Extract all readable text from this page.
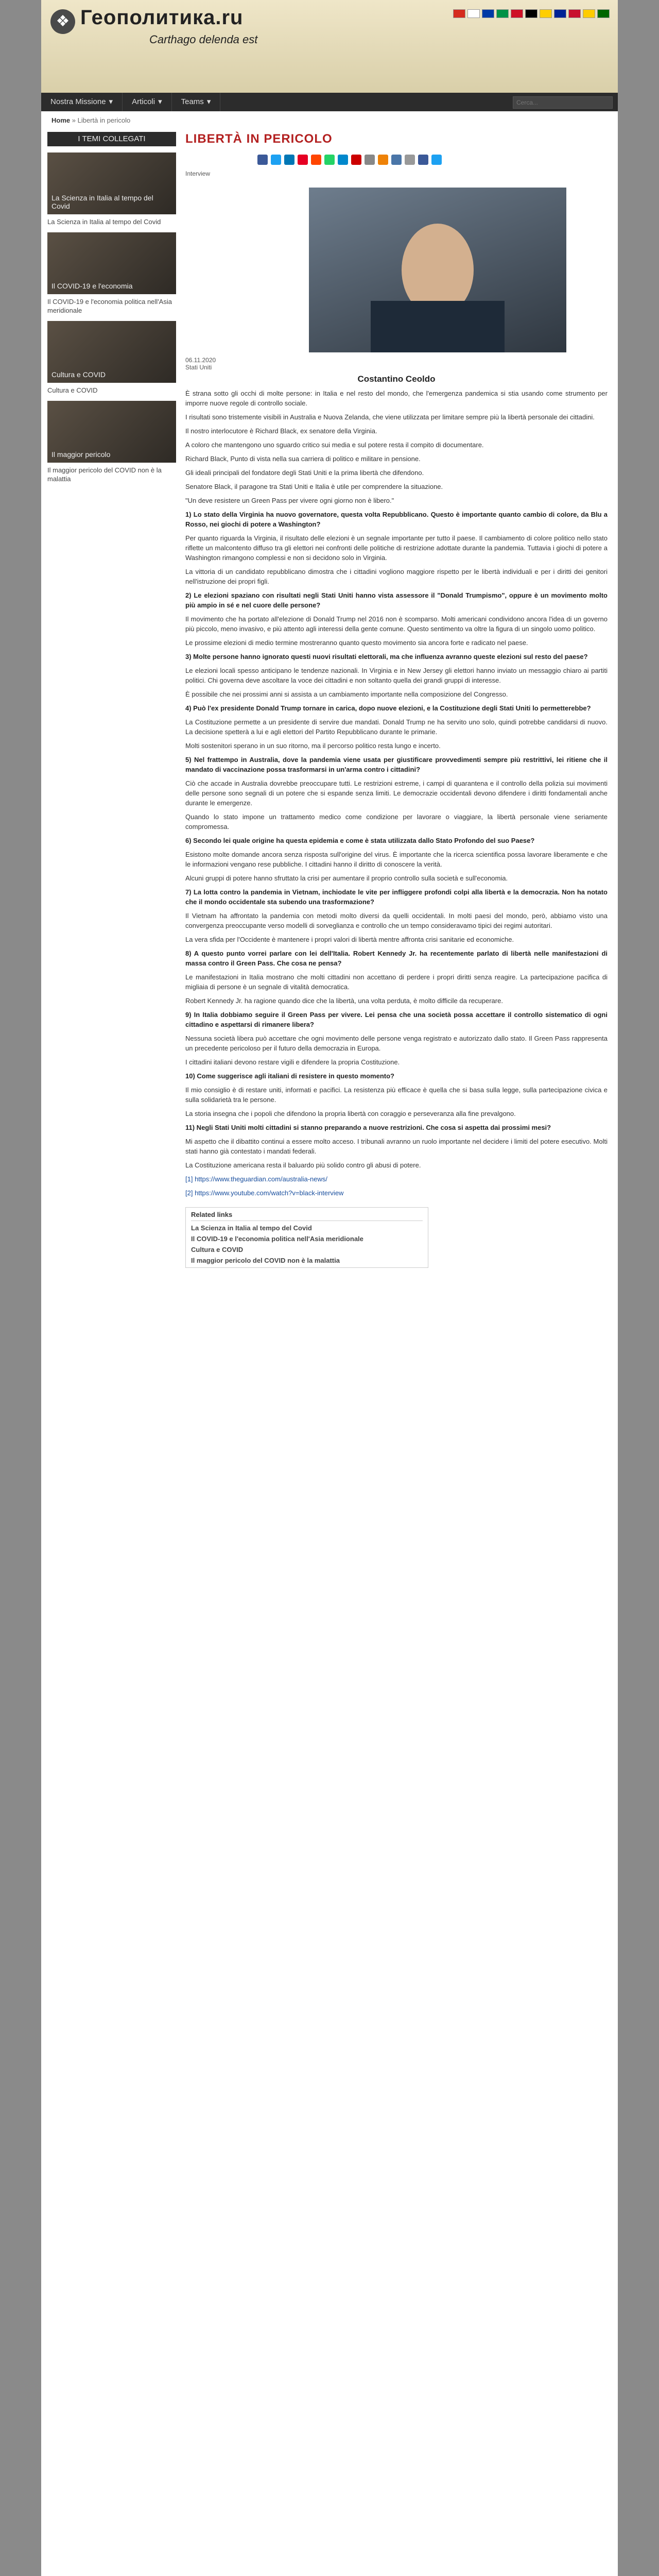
❖ Геополитика.ru
Carthago delenda est
Nostra Missione ▾ Articoli ▾ Teams ▾
Cerca...
Home » Libertà in pericolo
I TEMI COLLEGATI
La Scienza in Italia al tempo del Covid
La Scienza in Italia al tempo del Covid
Il COVID-19 e l'economia
Il COVID-19 e l'economia politica nell'Asia meridionale
Cultura e COVID
Cultura e COVID
Il maggior pericolo
Il maggior pericolo del COVID non è la malattia
LIBERTÀ IN PERICOLO
Interview
06.11.2020
Stati Uniti
Costantino Ceoldo

È strana sotto gli occhi di molte persone: in Italia e nel resto del mondo, che l'emergenza pandemica si stia usando come strumento per imporre nuove regole di controllo sociale.

I risultati sono tristemente visibili in Australia e Nuova Zelanda, che viene utilizzata per limitare sempre più la libertà personale dei cittadini.

Il nostro interlocutore è Richard Black, ex senatore della Virginia.

A coloro che mantengono uno sguardo critico sui media e sul potere resta il compito di documentare.

Richard Black, Punto di vista nella sua carriera di politico e militare in pensione.

Gli ideali principali del fondatore degli Stati Uniti e la prima libertà che difendono.

Senatore Black, il paragone tra Stati Uniti e Italia è utile per comprendere la situazione.

"Un deve resistere un Green Pass per vivere ogni giorno non è libero."

1) Lo stato della Virginia ha nuovo governatore, questa volta Repubblicano. Questo è importante quanto cambio di colore, da Blu a Rosso, nei giochi di potere a Washington?

Per quanto riguarda la Virginia, il risultato delle elezioni è un segnale importante per tutto il paese. Il cambiamento di colore politico nello stato riflette un malcontento diffuso tra gli elettori nei confronti delle politiche di restrizione adottate durante la pandemia. Tuttavia i giochi di potere a Washington rimangono complessi e non si decidono solo in Virginia.

La vittoria di un candidato repubblicano dimostra che i cittadini vogliono maggiore rispetto per le libertà individuali e per i diritti dei genitori nell'istruzione dei propri figli.

2) Le elezioni spaziano con risultati negli Stati Uniti hanno vista assessore il "Donald Trumpismo", oppure è un movimento molto più ampio in sé e nel cuore delle persone?

Il movimento che ha portato all'elezione di Donald Trump nel 2016 non è scomparso. Molti americani condividono ancora l'idea di un governo più piccolo, meno invasivo, e più attento agli interessi della gente comune. Questo sentimento va oltre la figura di un singolo uomo politico.

Le prossime elezioni di medio termine mostreranno quanto questo movimento sia ancora forte e radicato nel paese.

3) Molte persone hanno ignorato questi nuovi risultati elettorali, ma che influenza avranno queste elezioni sul resto del paese?

Le elezioni locali spesso anticipano le tendenze nazionali. In Virginia e in New Jersey gli elettori hanno inviato un messaggio chiaro ai partiti politici. Chi governa deve ascoltare la voce dei cittadini e non soltanto quella dei grandi gruppi di interesse.

È possibile che nei prossimi anni si assista a un cambiamento importante nella composizione del Congresso.

4) Può l'ex presidente Donald Trump tornare in carica, dopo nuove elezioni, e la Costituzione degli Stati Uniti lo permetterebbe?

La Costituzione permette a un presidente di servire due mandati. Donald Trump ne ha servito uno solo, quindi potrebbe candidarsi di nuovo. La decisione spetterà a lui e agli elettori del Partito Repubblicano durante le primarie.

Molti sostenitori sperano in un suo ritorno, ma il percorso politico resta lungo e incerto.

5) Nel frattempo in Australia, dove la pandemia viene usata per giustificare provvedimenti sempre più restrittivi, lei ritiene che il mandato di vaccinazione possa trasformarsi in un'arma contro i cittadini?

Ciò che accade in Australia dovrebbe preoccupare tutti. Le restrizioni estreme, i campi di quarantena e il controllo della polizia sui movimenti delle persone sono segnali di un potere che si espande senza limiti. Le democrazie occidentali devono difendere i diritti fondamentali anche durante le emergenze.

Quando lo stato impone un trattamento medico come condizione per lavorare o viaggiare, la libertà personale viene seriamente compromessa.

6) Secondo lei quale origine ha questa epidemia e come è stata utilizzata dallo Stato Profondo del suo Paese?

Esistono molte domande ancora senza risposta sull'origine del virus. È importante che la ricerca scientifica possa lavorare liberamente e che le informazioni vengano rese pubbliche. I cittadini hanno il diritto di conoscere la verità.

Alcuni gruppi di potere hanno sfruttato la crisi per aumentare il proprio controllo sulla società e sull'economia.

7) La lotta contro la pandemia in Vietnam, inchiodate le vite per infliggere profondi colpi alla libertà e la democrazia. Non ha notato che il mondo occidentale sta subendo una trasformazione?

Il Vietnam ha affrontato la pandemia con metodi molto diversi da quelli occidentali. In molti paesi del mondo, però, abbiamo visto una convergenza preoccupante verso modelli di sorveglianza e controllo che un tempo consideravamo tipici dei regimi autoritari.

La vera sfida per l'Occidente è mantenere i propri valori di libertà mentre affronta crisi sanitarie ed economiche.

8) A questo punto vorrei parlare con lei dell'Italia. Robert Kennedy Jr. ha recentemente parlato di libertà nelle manifestazioni di massa contro il Green Pass. Che cosa ne pensa?

Le manifestazioni in Italia mostrano che molti cittadini non accettano di perdere i propri diritti senza reagire. La partecipazione pacifica di migliaia di persone è un segnale di vitalità democratica.

Robert Kennedy Jr. ha ragione quando dice che la libertà, una volta perduta, è molto difficile da recuperare.

9) In Italia dobbiamo seguire il Green Pass per vivere. Lei pensa che una società possa accettare il controllo sistematico di ogni cittadino e aspettarsi di rimanere libera?

Nessuna società libera può accettare che ogni movimento delle persone venga registrato e autorizzato dallo stato. Il Green Pass rappresenta un precedente pericoloso per il futuro della democrazia in Europa.

I cittadini italiani devono restare vigili e difendere la propria Costituzione.

10) Come suggerisce agli italiani di resistere in questo momento?

Il mio consiglio è di restare uniti, informati e pacifici. La resistenza più efficace è quella che si basa sulla legge, sulla partecipazione civica e sulla solidarietà tra le persone.

La storia insegna che i popoli che difendono la propria libertà con coraggio e perseveranza alla fine prevalgono.

11) Negli Stati Uniti molti cittadini si stanno preparando a nuove restrizioni. Che cosa si aspetta dai prossimi mesi?

Mi aspetto che il dibattito continui a essere molto acceso. I tribunali avranno un ruolo importante nel decidere i limiti del potere esecutivo. Molti stati hanno già contestato i mandati federali.

La Costituzione americana resta il baluardo più solido contro gli abusi di potere.

[1] https://www.theguardian.com/australia-news/

[2] https://www.youtube.com/watch?v=black-interview

Related links
La Scienza in Italia al tempo del Covid
Il COVID-19 e l'economia politica nell'Asia meridionale
Cultura e COVID
Il maggior pericolo del COVID non è la malattia
